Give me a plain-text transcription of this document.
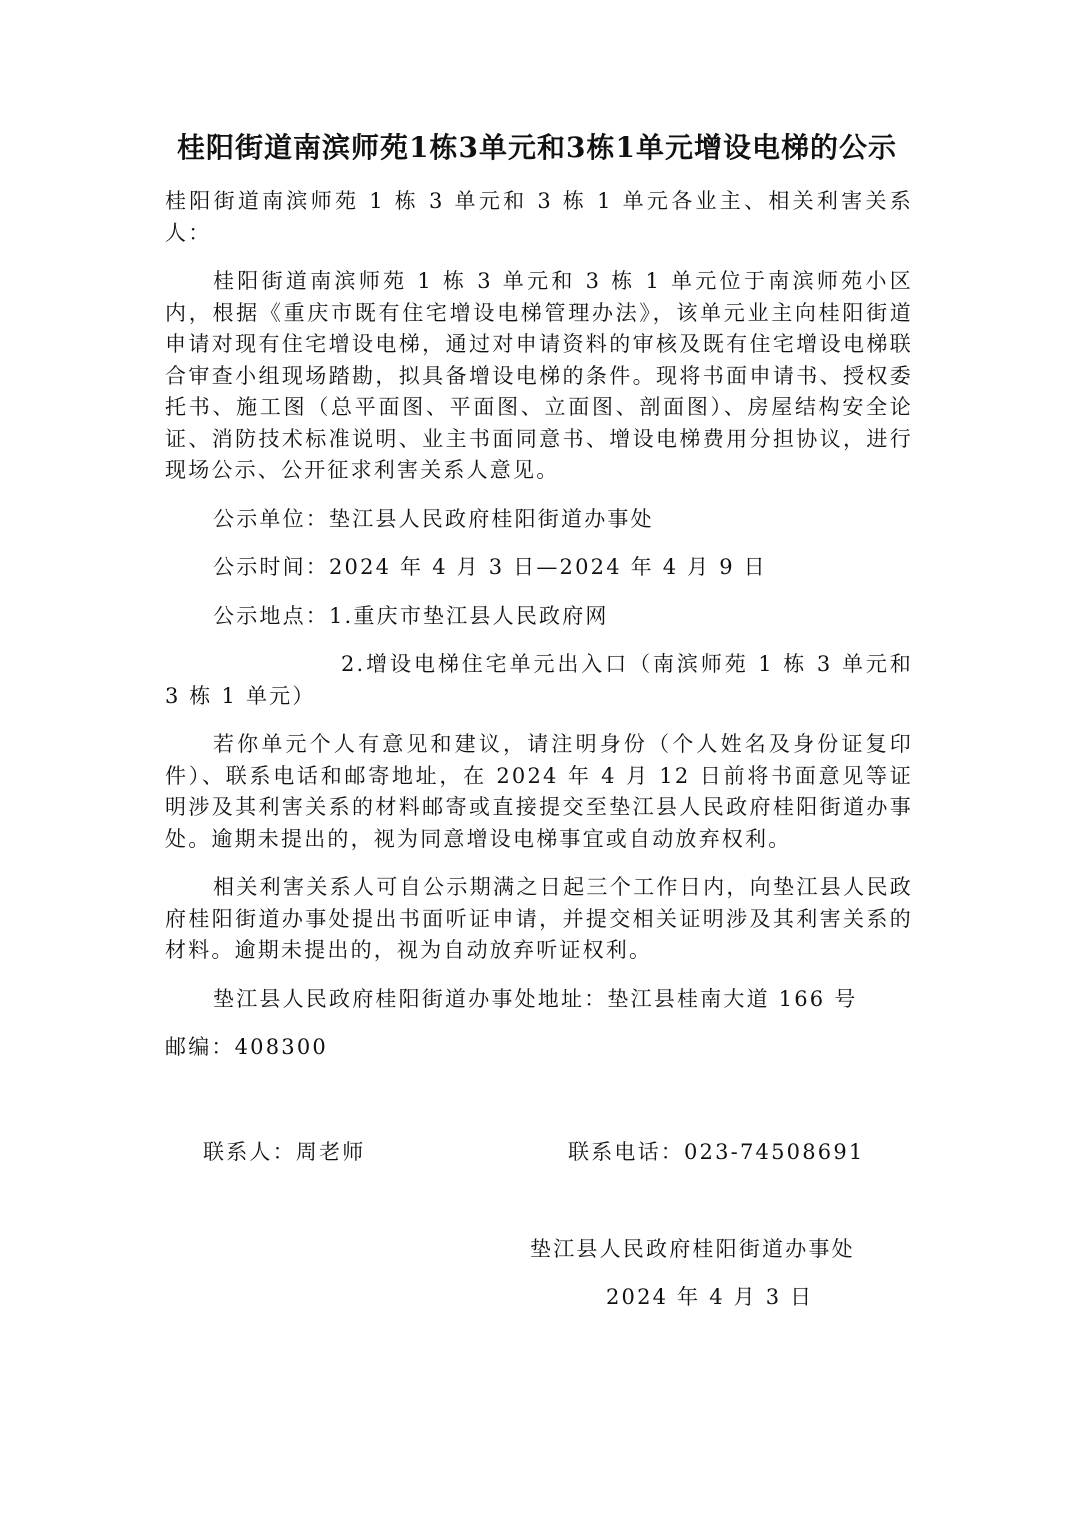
桂阳街道南滨师苑1栋3单元和3栋1单元增设电梯的公示

桂阳街道南滨师苑 1 栋 3 单元和 3 栋 1 单元各业主、相关利害关系人：

桂阳街道南滨师苑 1 栋 3 单元和 3 栋 1 单元位于南滨师苑小区内，根据《重庆市既有住宅增设电梯管理办法》，该单元业主向桂阳街道申请对现有住宅增设电梯，通过对申请资料的审核及既有住宅增设电梯联合审查小组现场踏勘，拟具备增设电梯的条件。现将书面申请书、授权委托书、施工图（总平面图、平面图、立面图、剖面图）、房屋结构安全论证、消防技术标准说明、业主书面同意书、增设电梯费用分担协议，进行现场公示、公开征求利害关系人意见。

公示单位：垫江县人民政府桂阳街道办事处

公示时间：2024 年 4 月 3 日—2024 年 4 月 9 日

公示地点：1.重庆市垫江县人民政府网

2.增设电梯住宅单元出入口（南滨师苑 1 栋 3 单元和 3 栋 1 单元）

若你单元个人有意见和建议，请注明身份（个人姓名及身份证复印件）、联系电话和邮寄地址，在 2024 年 4 月 12 日前将书面意见等证明涉及其利害关系的材料邮寄或直接提交至垫江县人民政府桂阳街道办事处。逾期未提出的，视为同意增设电梯事宜或自动放弃权利。

相关利害关系人可自公示期满之日起三个工作日内，向垫江县人民政府桂阳街道办事处提出书面听证申请，并提交相关证明涉及其利害关系的材料。逾期未提出的，视为自动放弃听证权利。

垫江县人民政府桂阳街道办事处地址：垫江县桂南大道 166 号

邮编：408300

联系人：周老师	联系电话：023-74508691
垫江县人民政府桂阳街道办事处
2024 年 4 月 3 日
